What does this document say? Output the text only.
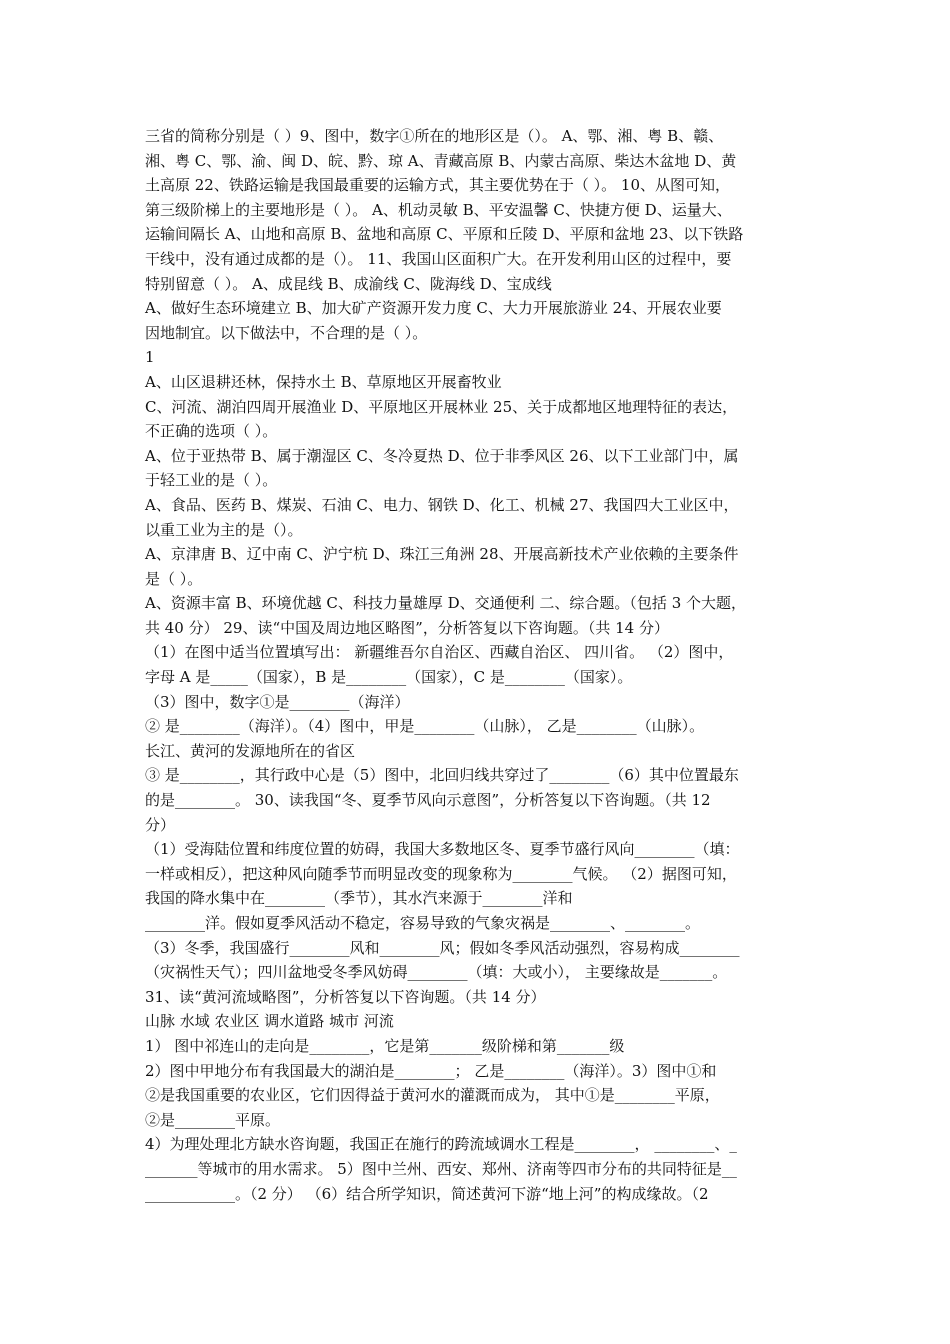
三省的简称分别是（ ）9、图中，数字①所在的地形区是（）。 A、鄂、湘、粤 B、赣、
湘、粤 C、鄂、渝、闽 D、皖、黔、琼 A、青藏高原 B、内蒙古高原、柴达木盆地 D、黄
土高原 22、铁路运输是我国最重要的运输方式，其主要优势在于（ ）。 10、从图可知，
第三级阶梯上的主要地形是（ ）。 A、机动灵敏 B、平安温馨 C、快捷方便 D、运量大、
运输间隔长 A、山地和高原 B、盆地和高原 C、平原和丘陵 D、平原和盆地 23、以下铁路
干线中，没有通过成都的是（）。 11、我国山区面积广大。在开发利用山区的过程中，要
特别留意（ ）。 A、成昆线 B、成渝线 C、陇海线 D、宝成线
A、做好生态环境建立 B、加大矿产资源开发力度 C、大力开展旅游业 24、开展农业要
因地制宜。以下做法中，不合理的是（ ）。
1
A、山区退耕还林，保持水土 B、草原地区开展畜牧业
C、河流、湖泊四周开展渔业 D、平原地区开展林业 25、关于成都地区地理特征的表达，
不正确的选项（ ）。
A、位于亚热带 B、属于潮湿区 C、冬冷夏热 D、位于非季风区 26、以下工业部门中，属
于轻工业的是（ ）。
A、食品、医药 B、煤炭、石油 C、电力、钢铁 D、化工、机械 27、我国四大工业区中，
以重工业为主的是（）。
A、京津唐 B、辽中南 C、沪宁杭 D、珠江三角洲 28、开展高新技术产业依赖的主要条件
是（ ）。
A、资源丰富 B、环境优越 C、科技力量雄厚 D、交通便利 二、综合题。（包括 3 个大题，
共 40 分） 29、读“中国及周边地区略图”，分析答复以下咨询题。（共 14 分）
（1）在图中适当位置填写出： 新疆维吾尔自治区、西藏自治区、 四川省。 （2）图中，
字母 A 是_____（国家），B 是________（国家），C 是________（国家）。
（3）图中，数字①是________（海洋）
② 是________（海洋）。（4）图中，甲是________（山脉）， 乙是________（山脉）。
长江、黄河的发源地所在的省区
③ 是________，其行政中心是（5）图中，北回归线共穿过了________（6）其中位置最东
的是________。 30、读我国“冬、夏季节风向示意图”，分析答复以下咨询题。（共 12
分）
（1）受海陆位置和纬度位置的妨碍，我国大多数地区冬、夏季节盛行风向________（填：
一样或相反），把这种风向随季节而明显改变的现象称为________气候。 （2）据图可知，
我国的降水集中在________（季节），其水汽来源于________洋和
________洋。假如夏季风活动不稳定，容易导致的气象灾祸是________、________。
（3）冬季，我国盛行________风和________风；假如冬季风活动强烈，容易构成________
（灾祸性天气）；四川盆地受冬季风妨碍________（填：大或小）， 主要缘故是_______。
31、读“黄河流域略图”，分析答复以下咨询题。（共 14 分）
山脉 水域 农业区 调水道路 城市 河流
1） 图中祁连山的走向是________，它是第_______级阶梯和第_______级
2）图中甲地分布有我国最大的湖泊是________； 乙是________（海洋）。3）图中①和
②是我国重要的农业区，它们因得益于黄河水的灌溉而成为， 其中①是________平原，
②是________平原。
4）为理处理北方缺水咨询题，我国正在施行的跨流域调水工程是________， ________、_
_______等城市的用水需求。 5）图中兰州、西安、郑州、济南等四市分布的共同特征是__
____________。（2 分） （6）结合所学知识，简述黄河下游“地上河”的构成缘故。（2
